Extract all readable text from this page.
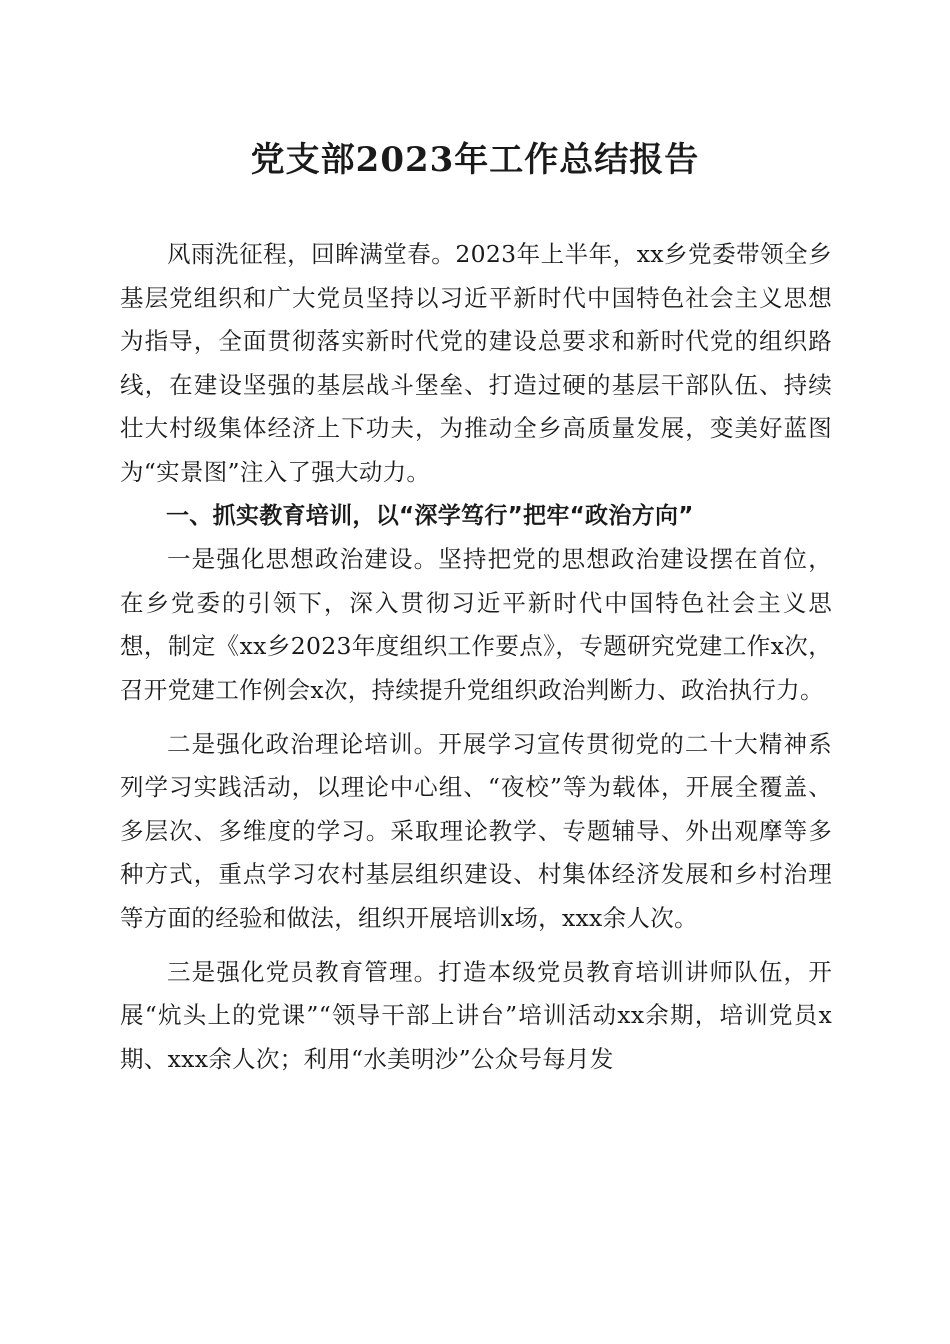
党支部2023年工作总结报告

风雨洗征程，回眸满堂春。2023年上半年，xx乡党委带领全乡基层党组织和广大党员坚持以习近平新时代中国特色社会主义思想为指导，全面贯彻落实新时代党的建设总要求和新时代党的组织路线，在建设坚强的基层战斗堡垒、打造过硬的基层干部队伍、持续壮大村级集体经济上下功夫，为推动全乡高质量发展，变美好蓝图为“实景图”注入了强大动力。

一、抓实教育培训，以“深学笃行”把牢“政治方向”

一是强化思想政治建设。坚持把党的思想政治建设摆在首位，在乡党委的引领下，深入贯彻习近平新时代中国特色社会主义思想，制定《xx乡2023年度组织工作要点》，专题研究党建工作x次，召开党建工作例会x次，持续提升党组织政治判断力、政治执行力。

二是强化政治理论培训。开展学习宣传贯彻党的二十大精神系列学习实践活动，以理论中心组、“夜校”等为载体，开展全覆盖、多层次、多维度的学习。采取理论教学、专题辅导、外出观摩等多种方式，重点学习农村基层组织建设、村集体经济发展和乡村治理等方面的经验和做法，组织开展培训x场，xxx余人次。

三是强化党员教育管理。打造本级党员教育培训讲师队伍，开展“炕头上的党课”“领导干部上讲台”培训活动xx余期，培训党员x期、xxx余人次；利用“水美明沙”公众号每月发
